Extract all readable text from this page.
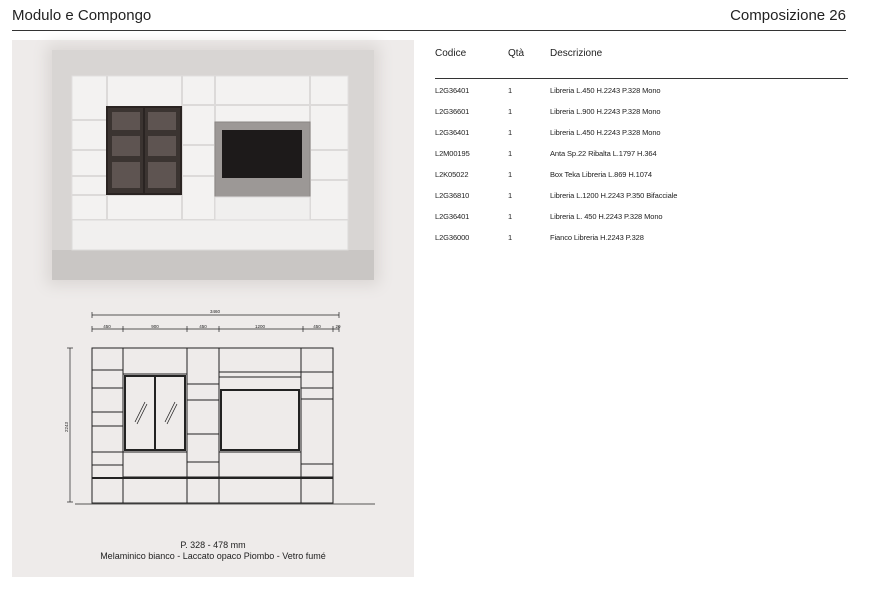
Modulo e Compongo	Composizione 26
3460
450	900	450	1200	450	20
2243
P. 328 - 478 mm
Melaminico bianco - Laccato opaco Piombo - Vetro fumé
Codice	Qtà	Descrizione
L2G36401	1	Libreria L.450 H.2243 P.328 Mono
L2G36601	1	Libreria L.900 H.2243 P.328 Mono
L2G36401	1	Libreria L.450 H.2243 P.328 Mono
L2M00195	1	Anta Sp.22 Ribalta L.1797 H.364
L2K05022	1	Box Teka Libreria L.869 H.1074
L2G36810	1	Libreria L.1200 H.2243 P.350 Bifacciale
L2G36401	1	Libreria L. 450 H.2243 P.328 Mono
L2G36000	1	Fianco Libreria H.2243 P.328
